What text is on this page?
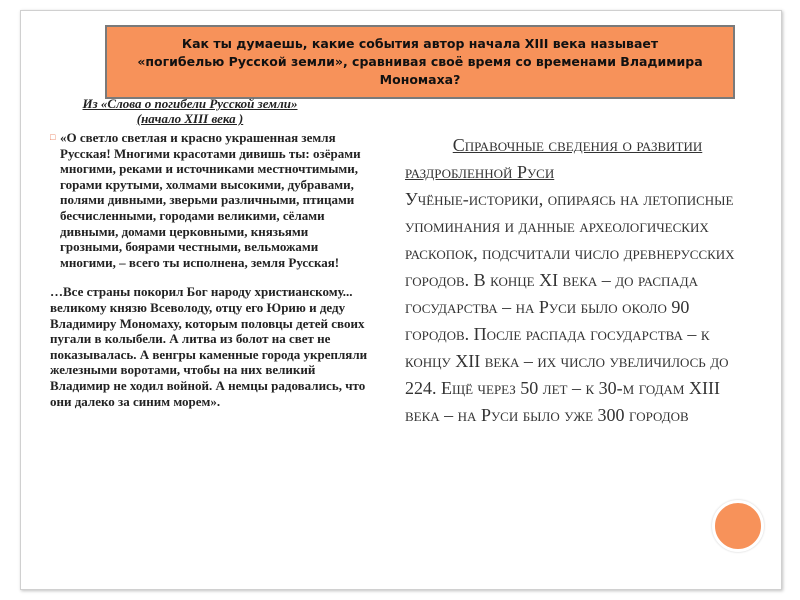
Как ты думаешь, какие события автор начала XIII века называет «погибелью Русской земли», сравнивая своё время со временами Владимира Мономаха?
Из «Слова о погибели Русской земли»
(начало XIII века )
□ «О светло светлая и красно украшенная земля Русская! Многими красотами дивишь ты: озёрами многими, реками и источниками местночтимыми, горами крутыми, холмами высокими, дубравами, полями дивными, зверьми различными, птицами бесчисленными, городами великими, сёлами дивными, домами церковными, князьями грозными, боярами честными, вельможами многими, – всего ты исполнена, земля Русская!

…Все страны покорил Бог народу христианскому... великому князю Всеволоду, отцу его Юрию и деду Владимиру Мономаху, которым половцы детей своих пугали в колыбели. А литва из болот на свет не показывалась. А венгры каменные города укрепляли железными воротами, чтобы на них великий Владимир не ходил войной. А немцы радовались, что они далеко за синим морем».

Справочные сведения о развитии
раздробленной Руси
Учёные-историки, опираясь на летописные упоминания и данные археологических раскопок, подсчитали число древнерусских городов. В конце XI века – до распада государства – на Руси было около 90 городов. После распада государства – к концу XII века – их число увеличилось до 224. Ещё через 50 лет – к 30-м годам XIII века – на Руси было уже 300 городов
